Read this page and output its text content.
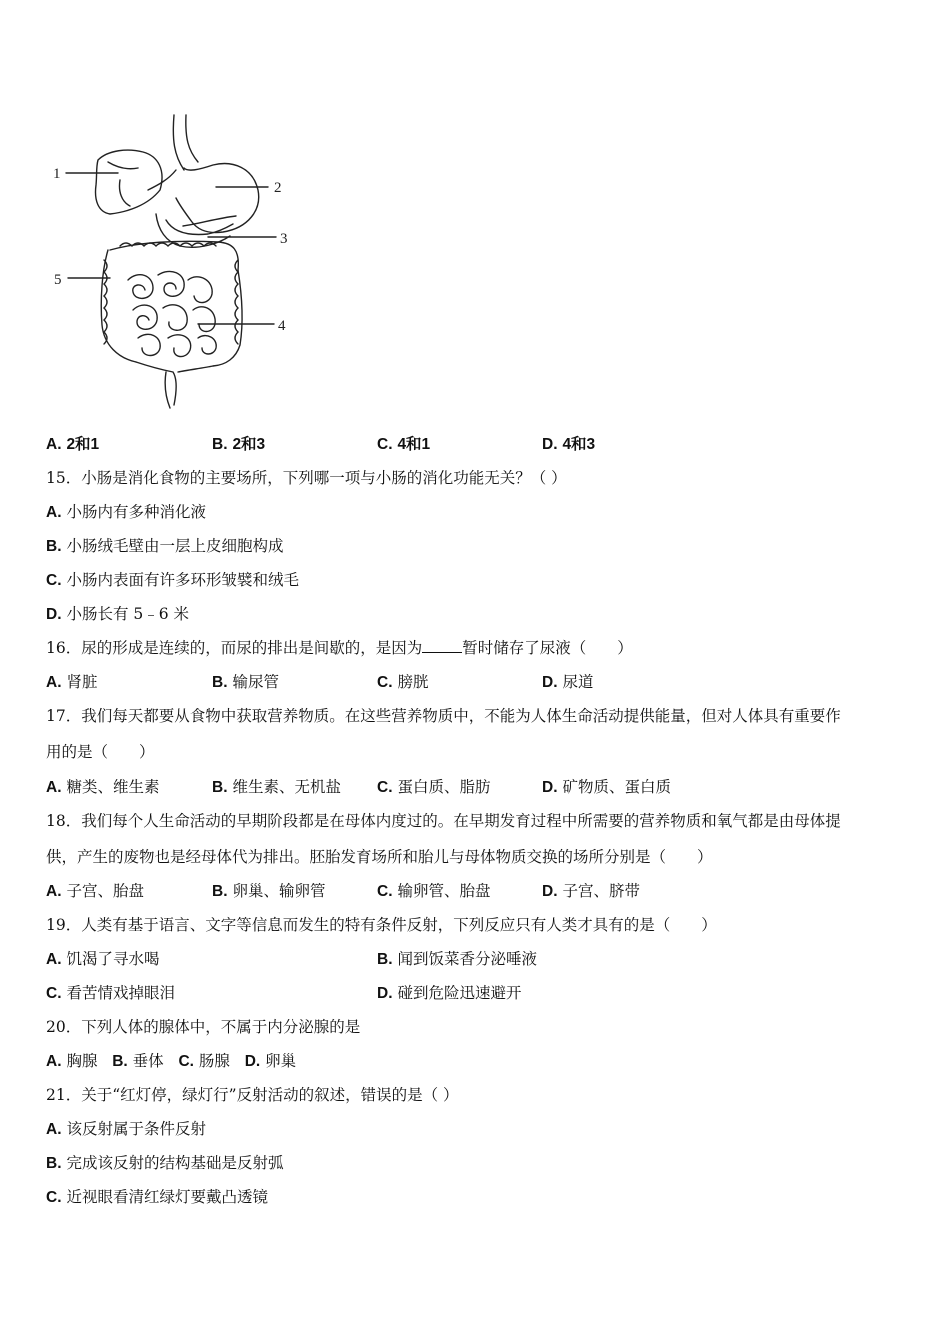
1
2
3
4
5
A. 2和1	B. 2和3	C. 4和1	D. 4和3
15．小肠是消化食物的主要场所，下列哪一项与小肠的消化功能无关？（ ）
A. 小肠内有多种消化液
B. 小肠绒毛壁由一层上皮细胞构成
C. 小肠内表面有许多环形皱襞和绒毛
D. 小肠长有 5﹣6 米
16．尿的形成是连续的，而尿的排出是间歇的，是因为	暂时储存了尿液（　　）
A. 肾脏	B. 输尿管	C. 膀胱	D. 尿道
17．我们每天都要从食物中获取营养物质。在这些营养物质中，不能为人体生命活动提供能量，但对人体具有重要作
用的是（　　）
A. 糖类、维生素	B. 维生素、无机盐 C. 蛋白质、脂肪	D. 矿物质、蛋白质
18．我们每个人生命活动的早期阶段都是在母体内度过的。在早期发育过程中所需要的营养物质和氧气都是由母体提
供，产生的废物也是经母体代为排出。胚胎发育场所和胎儿与母体物质交换的场所分别是（　　）
A. 子宫、胎盘	B. 卵巢、输卵管	C. 输卵管、胎盘	D. 子宫、脐带
19．人类有基于语言、文字等信息而发生的特有条件反射，下列反应只有人类才具有的是（　　）
A. 饥渴了寻水喝	B. 闻到饭菜香分泌唾液
C. 看苦情戏掉眼泪	D. 碰到危险迅速避开
20．下列人体的腺体中，不属于内分泌腺的是
A. 胸腺 B. 垂体 C. 肠腺 D. 卵巢
21．关于“红灯停，绿灯行”反射活动的叙述，错误的是（ ）
A. 该反射属于条件反射
B. 完成该反射的结构基础是反射弧
C. 近视眼看清红绿灯要戴凸透镜
